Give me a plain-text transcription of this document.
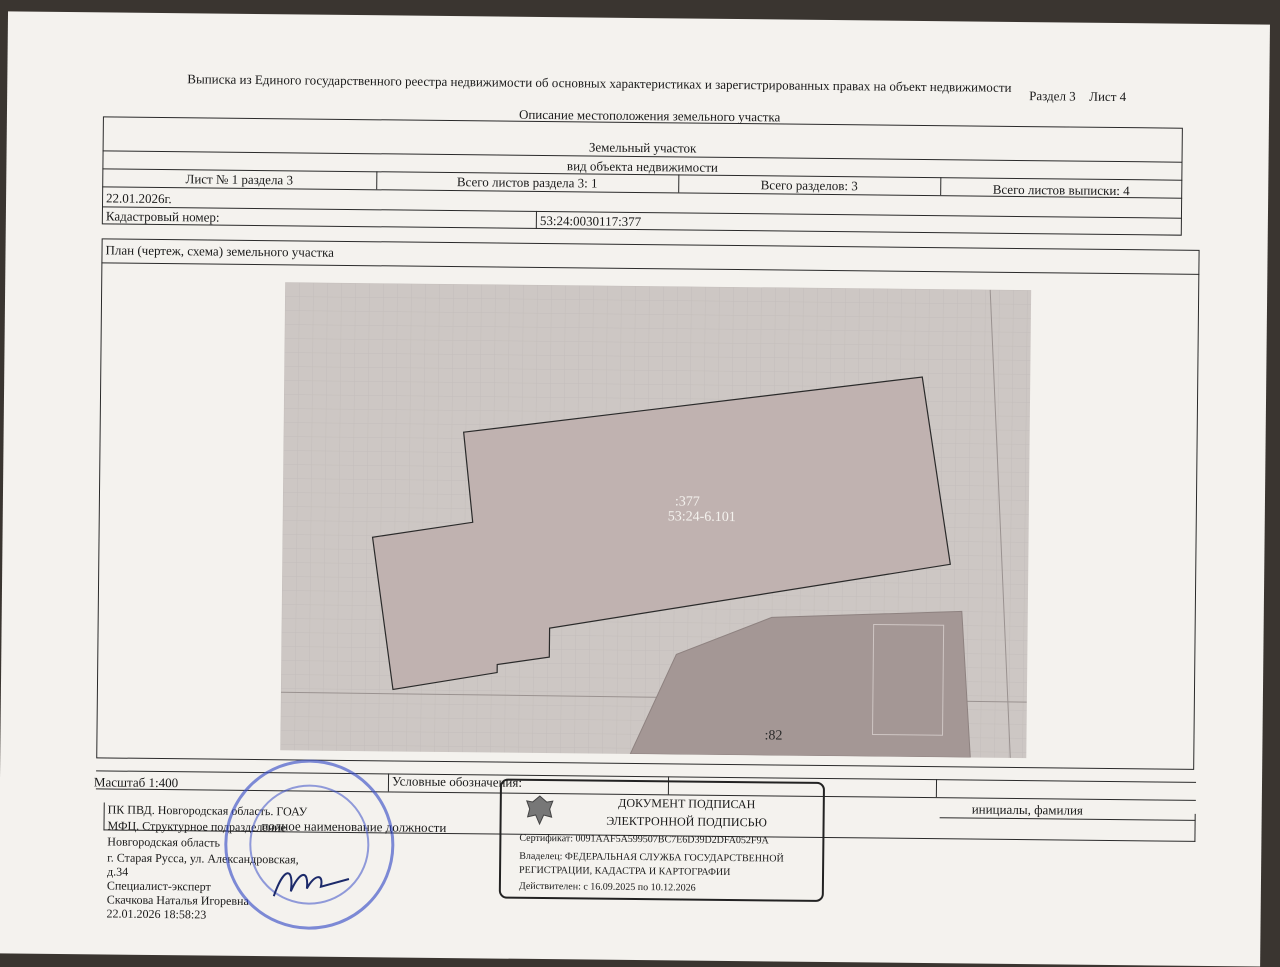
Выписка из Единого государственного реестра недвижимости об основных характеристиках и зарегистрированных правах на объект недвижимости
Раздел 3 Лист 4
Описание местоположения земельного участка
Земельный участок
вид объекта недвижимости
Лист № 1 раздела 3	Всего листов раздела 3: 1	Всего разделов: 3	Всего листов выписки: 4
22.01.2026г.
Кадастровый номер:	53:24:0030117:377
План (чертеж, схема) земельного участка
:377
53:24-6.101
:82
Масштаб 1:400	Условные обозначения:
полное наименование должности
инициалы, фамилия
ПК ПВД. Новгородская область. ГОАУ
МФЦ. Структурное подразделение
Новгородская область
г. Старая Русса, ул. Александровская,
д.34
Специалист-эксперт
Скачкова Наталья Игоревна
22.01.2026 18:58:23
ДОКУМЕНТ ПОДПИСАН
ЭЛЕКТРОННОЙ ПОДПИСЬЮ
Сертификат: 0091AAF5A599507BC7E6D39D2DFA052F9A
Владелец: ФЕДЕРАЛЬНАЯ СЛУЖБА ГОСУДАРСТВЕННОЙ
РЕГИСТРАЦИИ, КАДАСТРА И КАРТОГРАФИИ
Действителен: с 16.09.2025 по 10.12.2026
